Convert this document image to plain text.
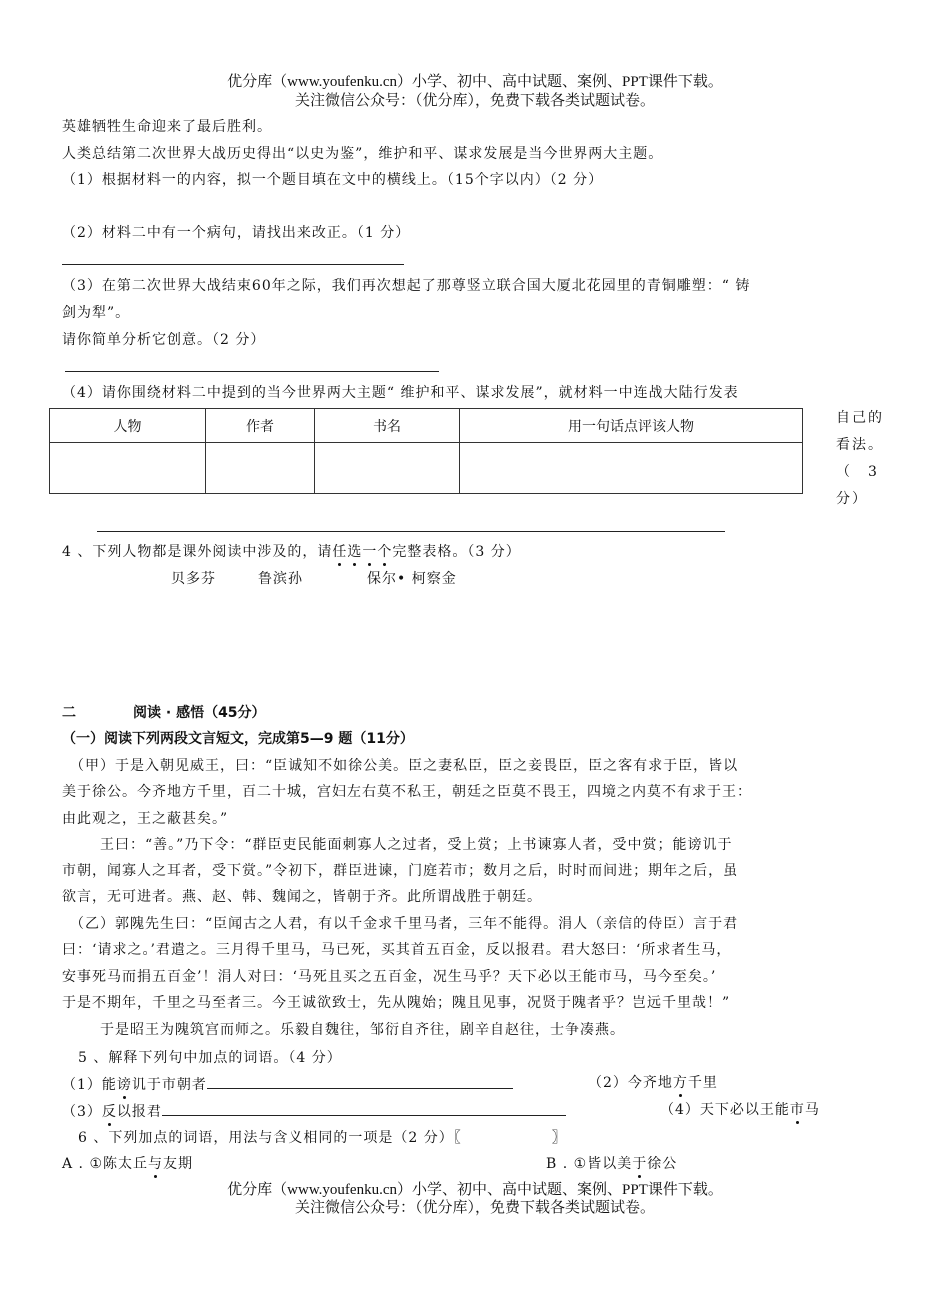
优分库（www.youfenku.cn）小学、初中、高中试题、案例、PPT课件下载。
关注微信公众号：（优分库），免费下载各类试题试卷。
英雄牺牲生命迎来了最后胜利。
人类总结第二次世界大战历史得出“以史为鉴”，维护和平、谋求发展是当今世界两大主题。
（1）根据材料一的内容，拟一个题目填在文中的横线上。（15个字以内）（2 分）
（2）材料二中有一个病句，请找出来改正。（1 分）
（3）在第二次世界大战结束60年之际，我们再次想起了那尊竖立联合国大厦北花园里的青铜雕塑：“ 铸
剑为犁”。
请你简单分析它创意。（2 分）
（4）请你围绕材料二中提到的当今世界两大主题“ 维护和平、谋求发展”，就材料一中连战大陆行发表
人物	作者	书名	用一句话点评该人物

自己的
看法。
（　3
分）
4 、下列人物都是课外阅读中涉及的，请任选一个完整表格。（3 分）
贝多芬	鲁滨孙	保尔• 柯察金
二	阅读 · 感悟（45分）
（一）阅读下列两段文言短文，完成第5—9 题（11分）
（甲）于是入朝见威王，曰：“臣诚知不如徐公美。臣之妻私臣，臣之妾畏臣，臣之客有求于臣，皆以
美于徐公。今齐地方千里，百二十城，宫妇左右莫不私王，朝廷之臣莫不畏王，四境之内莫不有求于王：
由此观之，王之蔽甚矣。”
王曰：“善。”乃下令：“群臣吏民能面刺寡人之过者，受上赏；上书谏寡人者，受中赏；能谤讥于
市朝，闻寡人之耳者，受下赏。”令初下，群臣进谏，门庭若市；数月之后，时时而间进；期年之后，虽
欲言，无可进者。燕、赵、韩、魏闻之，皆朝于齐。此所谓战胜于朝廷。
（乙）郭隗先生曰：“臣闻古之人君，有以千金求千里马者，三年不能得。涓人（亲信的侍臣）言于君
曰：‘请求之。’君遣之。三月得千里马，马已死，买其首五百金，反以报君。君大怒曰：‘所求者生马，
安事死马而捐五百金’！涓人对曰：‘马死且买之五百金，况生马乎？天下必以王能市马，马今至矣。’
于是不期年，千里之马至者三。今王诚欲致士，先从隗始；隗且见事，况贤于隗者乎？岂远千里哉！”
于是昭王为隗筑宫而师之。乐毅自魏往，邹衍自齐往，剧辛自赵往，士争凑燕。
5 、解释下列句中加点的词语。（4 分）
（1）能谤讥于市朝者	（2）今齐地方千里
（3）反以报君	（4）天下必以王能市马
6 、下列加点的词语，用法与含义相同的一项是（2 分）〖　　　　　　〗
A . ①陈太丘与友期	B . ①皆以美于徐公
优分库（www.youfenku.cn）小学、初中、高中试题、案例、PPT课件下载。
关注微信公众号：（优分库），免费下载各类试题试卷。
